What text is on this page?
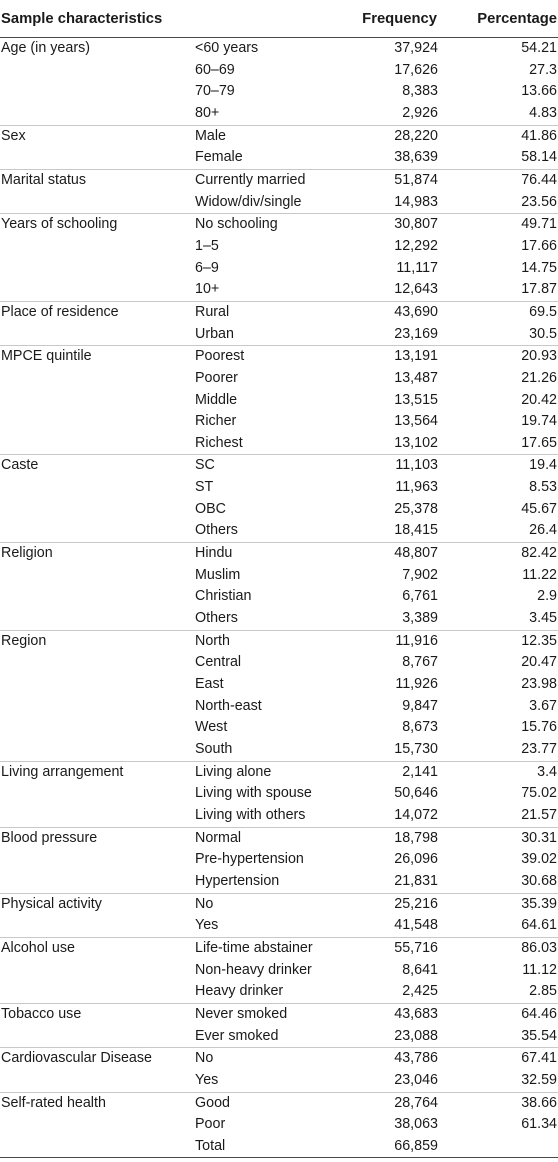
Sample characteristics		Frequency	Percentage
Age (in years)	<60 years	37,924	54.21
	60–69	17,626	27.3
	70–79	8,383	13.66
	80+	2,926	4.83
Sex	Male	28,220	41.86
	Female	38,639	58.14
Marital status	Currently married	51,874	76.44
	Widow/div/single	14,983	23.56
Years of schooling	No schooling	30,807	49.71
	1–5	12,292	17.66
	6–9	11,117	14.75
	10+	12,643	17.87
Place of residence	Rural	43,690	69.5
	Urban	23,169	30.5
MPCE quintile	Poorest	13,191	20.93
	Poorer	13,487	21.26
	Middle	13,515	20.42
	Richer	13,564	19.74
	Richest	13,102	17.65
Caste	SC	11,103	19.4
	ST	11,963	8.53
	OBC	25,378	45.67
	Others	18,415	26.4
Religion	Hindu	48,807	82.42
	Muslim	7,902	11.22
	Christian	6,761	2.9
	Others	3,389	3.45
Region	North	11,916	12.35
	Central	8,767	20.47
	East	11,926	23.98
	North-east	9,847	3.67
	West	8,673	15.76
	South	15,730	23.77
Living arrangement	Living alone	2,141	3.4
	Living with spouse	50,646	75.02
	Living with others	14,072	21.57
Blood pressure	Normal	18,798	30.31
	Pre-hypertension	26,096	39.02
	Hypertension	21,831	30.68
Physical activity	No	25,216	35.39
	Yes	41,548	64.61
Alcohol use	Life-time abstainer	55,716	86.03
	Non-heavy drinker	8,641	11.12
	Heavy drinker	2,425	2.85
Tobacco use	Never smoked	43,683	64.46
	Ever smoked	23,088	35.54
Cardiovascular Disease	No	43,786	67.41
	Yes	23,046	32.59
Self-rated health	Good	28,764	38.66
	Poor	38,063	61.34
	Total	66,859	
